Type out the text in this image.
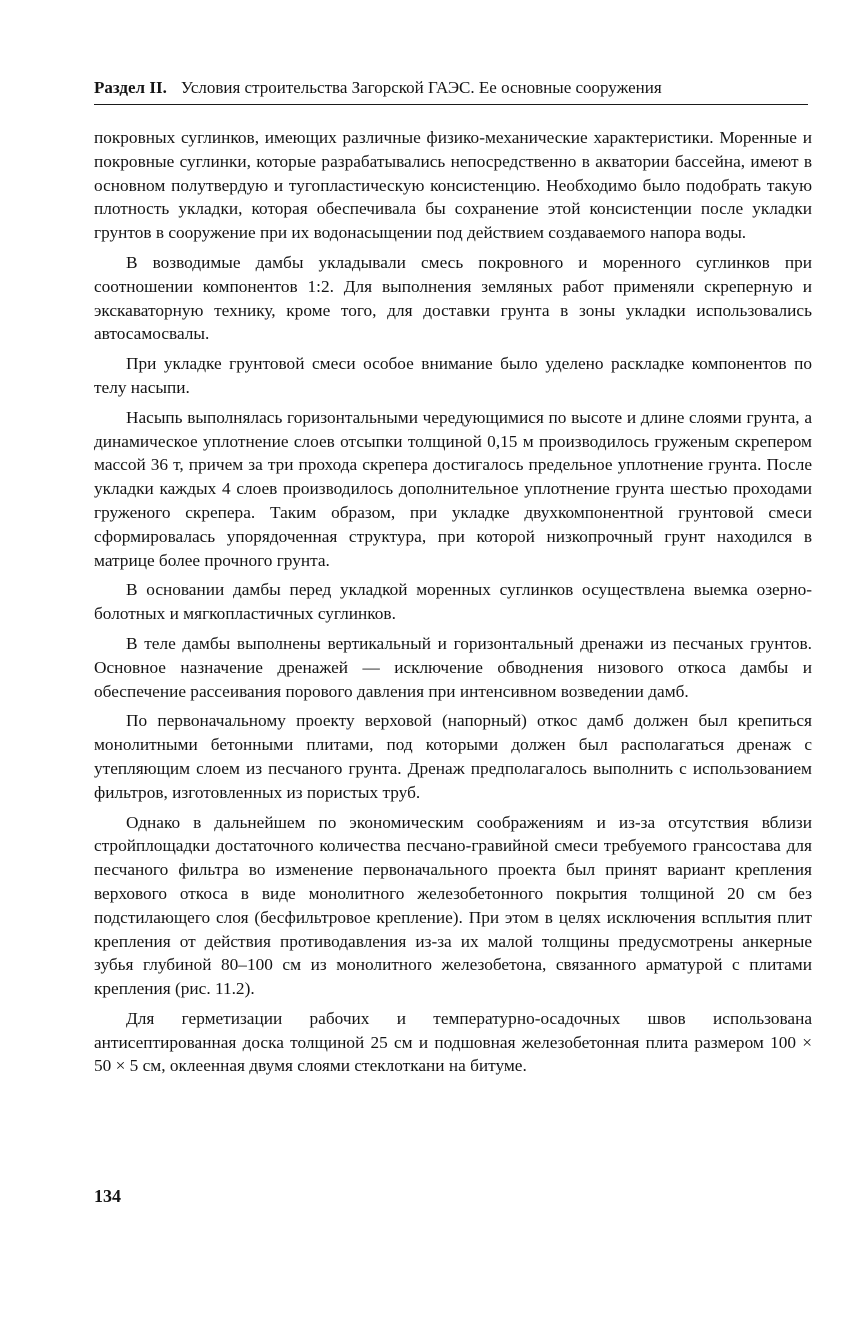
Раздел II. Условия строительства Загорской ГАЭС. Ее основные сооружения

покровных суглинков, имеющих различные физико-механические характеристики. Моренные и покровные суглинки, которые разрабатывались непосредственно в акватории бассейна, имеют в основном полутвердую и тугопластическую консистенцию. Необходимо было подобрать такую плотность укладки, которая обеспечивала бы сохранение этой консистенции после укладки грунтов в сооружение при их водонасыщении под действием создаваемого напора воды.

В возводимые дамбы укладывали смесь покровного и моренного суглинков при соотношении компонентов 1:2. Для выполнения земляных работ применяли скреперную и экскаваторную технику, кроме того, для доставки грунта в зоны укладки использовались автосамосвалы.

При укладке грунтовой смеси особое внимание было уделено раскладке компонентов по телу насыпи.

Насыпь выполнялась горизонтальными чередующимися по высоте и длине слоями грунта, а динамическое уплотнение слоев отсыпки толщиной 0,15 м производилось груженым скрепером массой 36 т, причем за три прохода скрепера достигалось предельное уплотнение грунта. После укладки каждых 4 слоев производилось дополнительное уплотнение грунта шестью проходами груженого скрепера. Таким образом, при укладке двухкомпонентной грунтовой смеси сформировалась упорядоченная структура, при которой низкопрочный грунт находился в матрице более прочного грунта.

В основании дамбы перед укладкой моренных суглинков осуществлена выемка озерно-болотных и мягкопластичных суглинков.

В теле дамбы выполнены вертикальный и горизонтальный дренажи из песчаных грунтов. Основное назначение дренажей — исключение обводнения низового откоса дамбы и обеспечение рассеивания порового давления при интенсивном возведении дамб.

По первоначальному проекту верховой (напорный) откос дамб должен был крепиться монолитными бетонными плитами, под которыми должен был располагаться дренаж с утепляющим слоем из песчаного грунта. Дренаж предполагалось выполнить с использованием фильтров, изготовленных из пористых труб.

Однако в дальнейшем по экономическим соображениям и из-за отсутствия вблизи стройплощадки достаточного количества песчано-гравийной смеси требуемого грансостава для песчаного фильтра во изменение первоначального проекта был принят вариант крепления верхового откоса в виде монолитного железобетонного покрытия толщиной 20 см без подстилающего слоя (бесфильтровое крепление). При этом в целях исключения всплытия плит крепления от действия противодавления из-за их малой толщины предусмотрены анкерные зубья глубиной 80–100 см из монолитного железобетона, связанного арматурой с плитами крепления (рис. 11.2).

Для герметизации рабочих и температурно-осадочных швов использована антисептированная доска толщиной 25 см и подшовная железобетонная плита размером 100 × 50 × 5 см, оклеенная двумя слоями стеклоткани на битуме.

134
